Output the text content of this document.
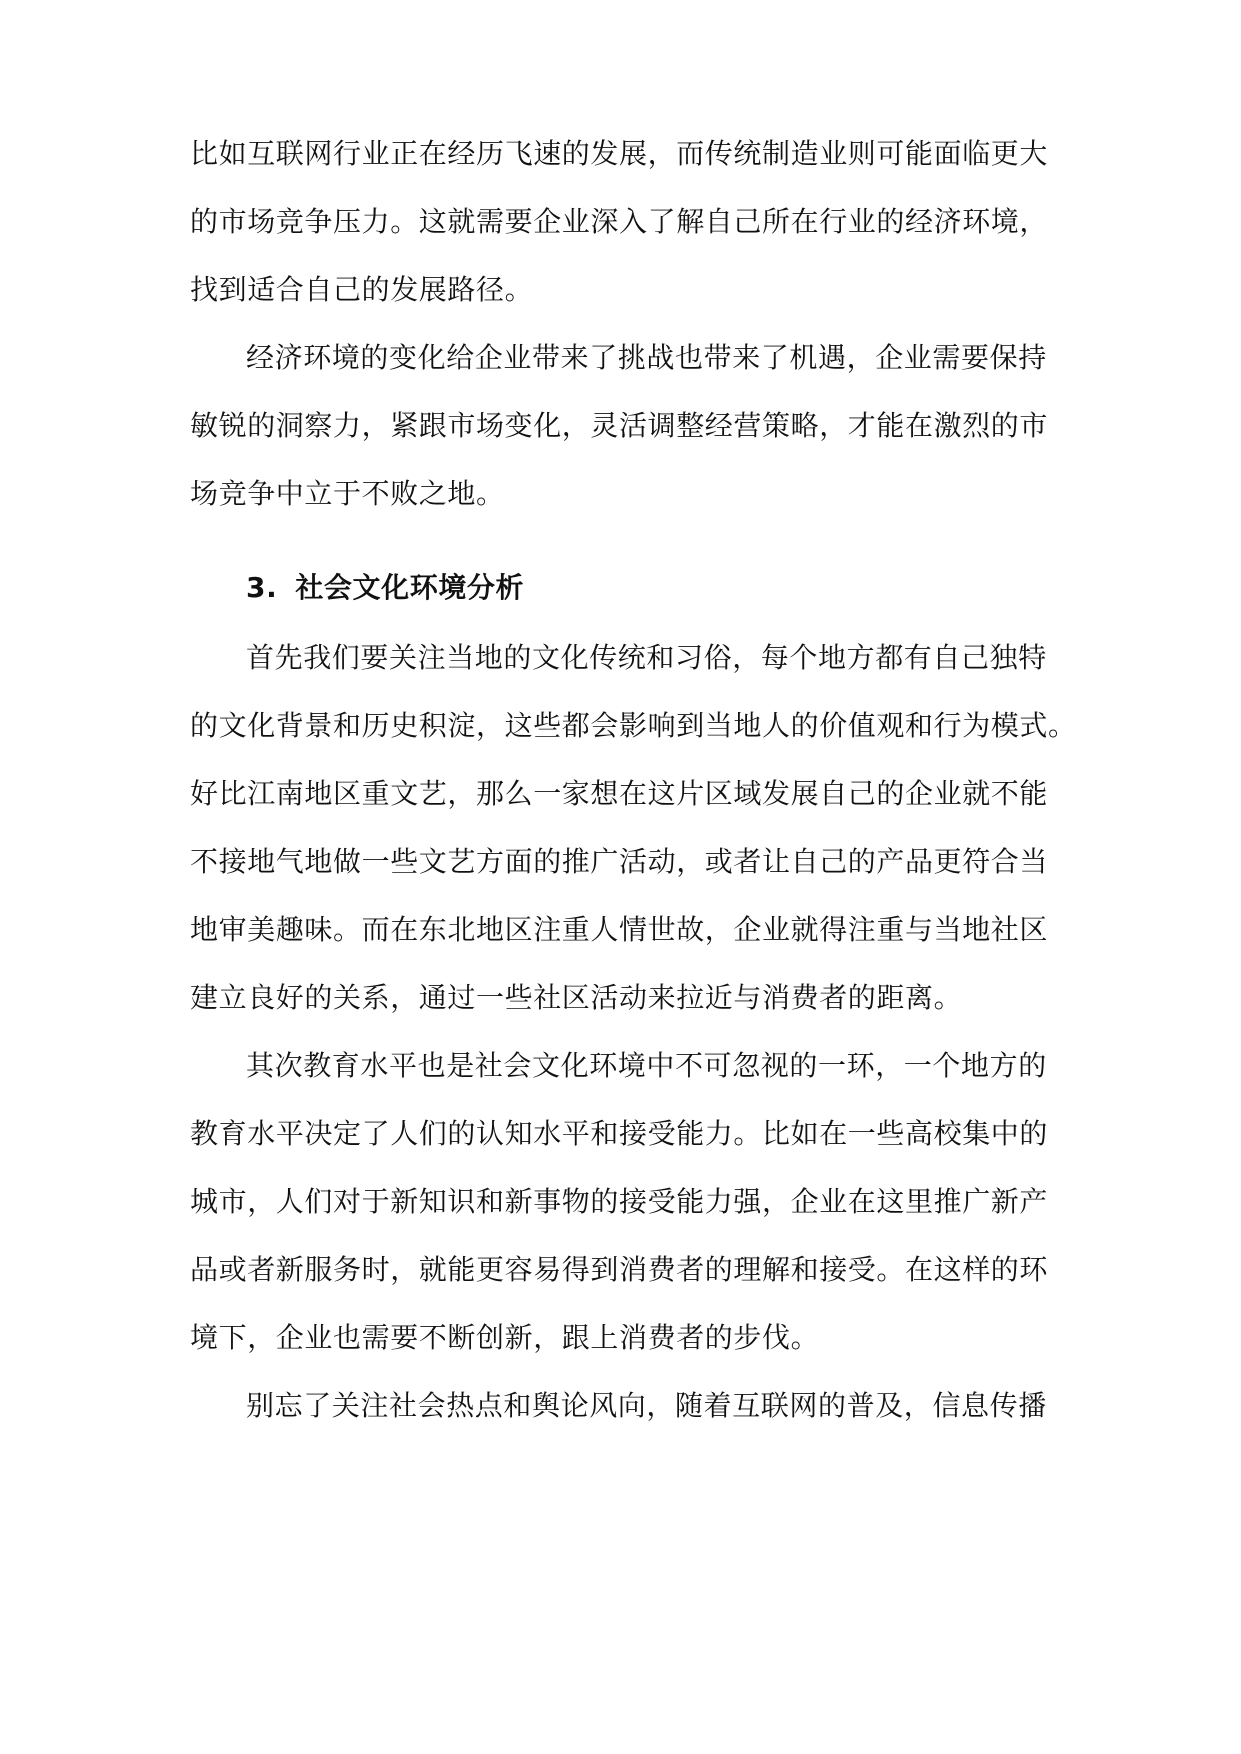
比如互联网行业正在经历飞速的发展，而传统制造业则可能面临更大
的市场竞争压力。这就需要企业深入了解自己所在行业的经济环境，
找到适合自己的发展路径。
经济环境的变化给企业带来了挑战也带来了机遇，企业需要保持
敏锐的洞察力，紧跟市场变化，灵活调整经营策略，才能在激烈的市
场竞争中立于不败之地。
3. 社会文化环境分析
首先我们要关注当地的文化传统和习俗，每个地方都有自己独特
的文化背景和历史积淀，这些都会影响到当地人的价值观和行为模式。
好比江南地区重文艺，那么一家想在这片区域发展自己的企业就不能
不接地气地做一些文艺方面的推广活动，或者让自己的产品更符合当
地审美趣味。而在东北地区注重人情世故，企业就得注重与当地社区
建立良好的关系，通过一些社区活动来拉近与消费者的距离。
其次教育水平也是社会文化环境中不可忽视的一环，一个地方的
教育水平决定了人们的认知水平和接受能力。比如在一些高校集中的
城市，人们对于新知识和新事物的接受能力强，企业在这里推广新产
品或者新服务时，就能更容易得到消费者的理解和接受。在这样的环
境下，企业也需要不断创新，跟上消费者的步伐。
别忘了关注社会热点和舆论风向，随着互联网的普及，信息传播
